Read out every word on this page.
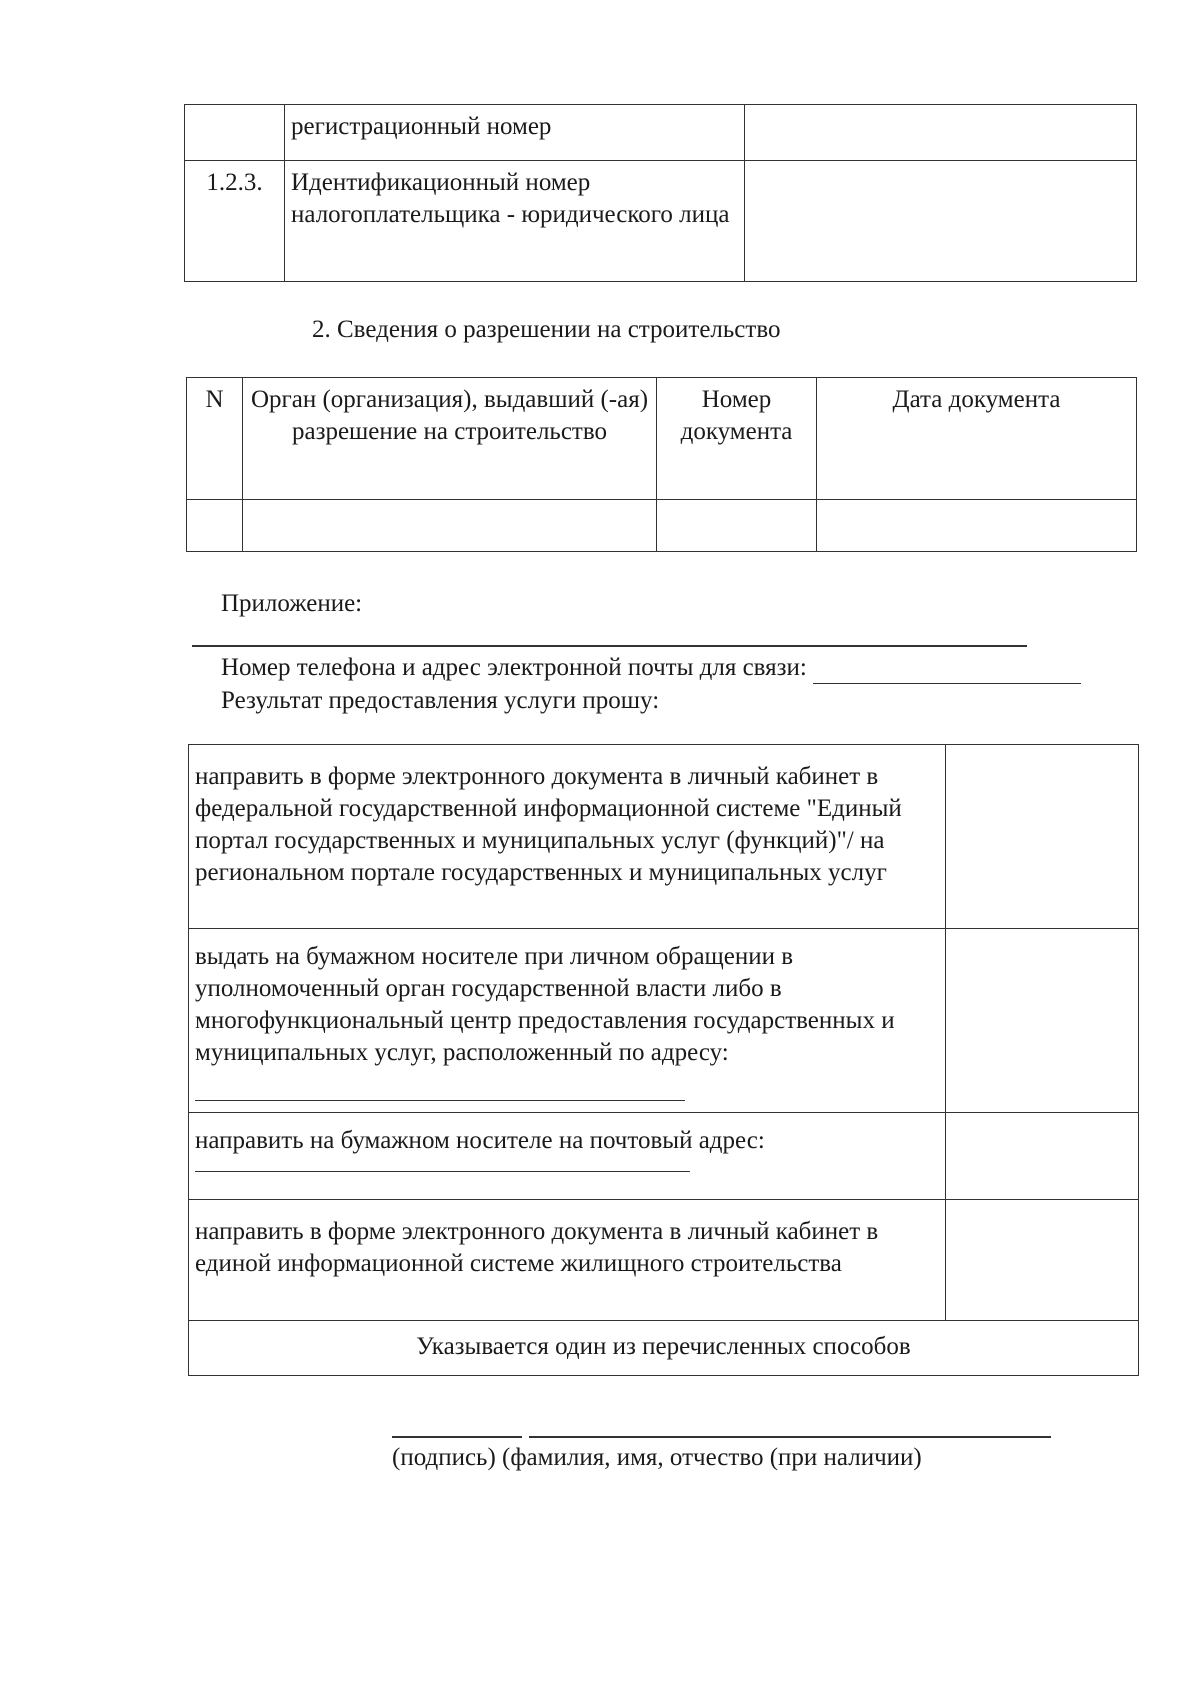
	регистрационный номер	

1.2.3.	Идентификационный номер налогоплательщика - юридического лица	

2. Сведения о разрешении на строительство
N	Орган (организация), выдавший (-ая) разрешение на строительство	Номер документа	Дата документа

Приложение:
Номер телефона и адрес электронной почты для связи:
Результат предоставления услуги прошу:
направить в форме электронного документа в личный кабинет в федеральной государственной информационной системе "Единый портал государственных и муниципальных услуг (функций)"/ на региональном портале государственных и муниципальных услуг	

выдать на бумажном носителе при личном обращении в уполномоченный орган государственной власти либо в многофункциональный центр предоставления государственных и муниципальных услуг, расположенный по адресу:	

направить на бумажном носителе на почтовый адрес:	

направить в форме электронного документа в личный кабинет в единой информационной системе жилищного строительства	

Указывается один из перечисленных способов	
(подпись) (фамилия, имя, отчество (при наличии)
